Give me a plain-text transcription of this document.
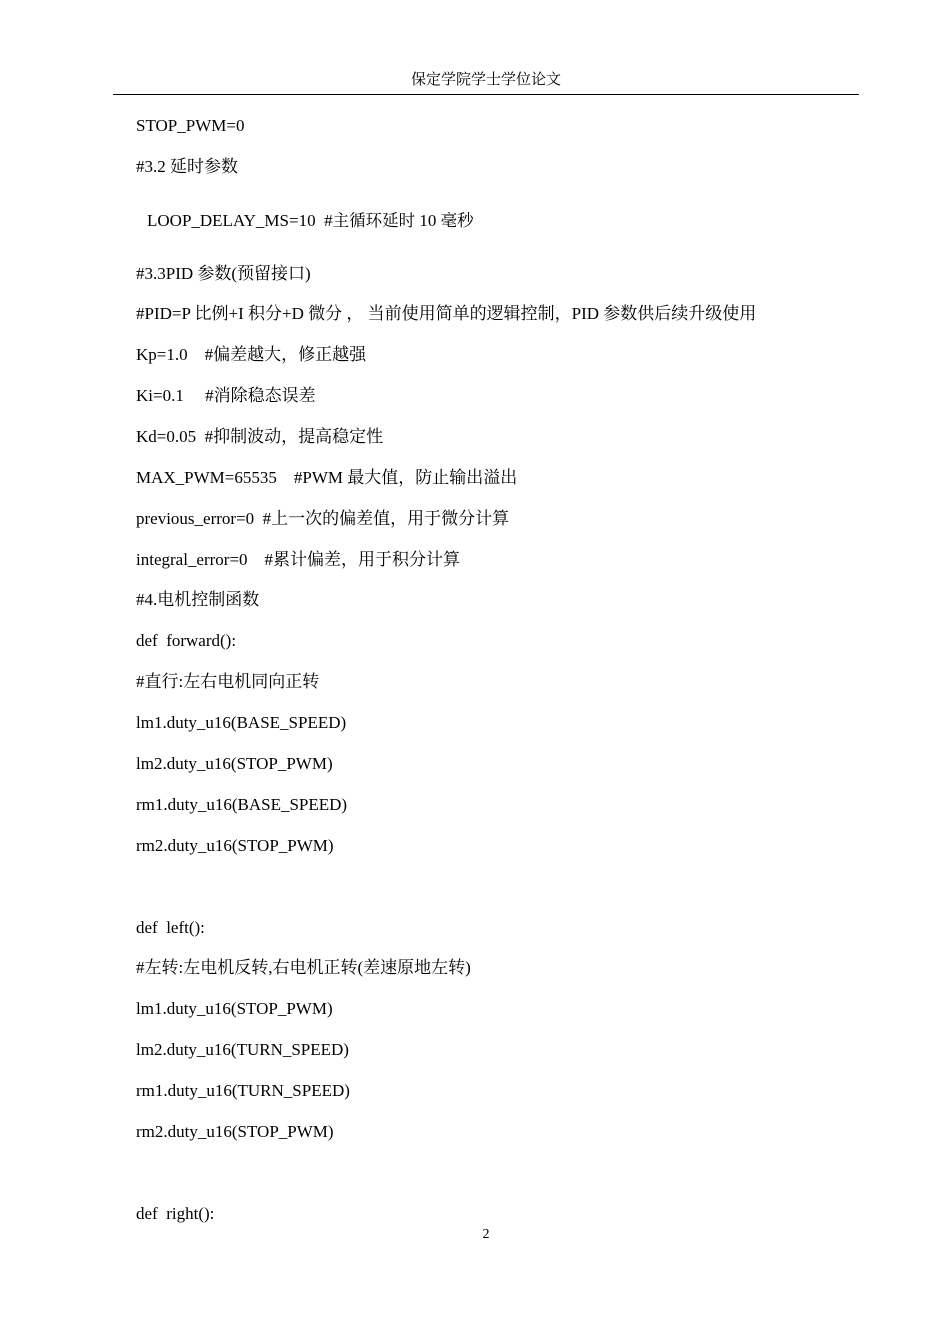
保定学院学士学位论文
STOP_PWM=0
#3.2 延时参数
LOOP_DELAY_MS=10  #主循环延时 10 毫秒
#3.3PID 参数(预留接口)
#PID=P 比例+I 积分+D 微分 ， 当前使用简单的逻辑控制，PID 参数供后续升级使用
Kp=1.0    #偏差越大，修正越强
Ki=0.1     #消除稳态误差
Kd=0.05  #抑制波动，提高稳定性
MAX_PWM=65535    #PWM 最大值，防止输出溢出
previous_error=0  #上一次的偏差值，用于微分计算
integral_error=0    #累计偏差，用于积分计算
#4.电机控制函数
def  forward():
#直行:左右电机同向正转
lm1.duty_u16(BASE_SPEED)
lm2.duty_u16(STOP_PWM)
rm1.duty_u16(BASE_SPEED)
rm2.duty_u16(STOP_PWM)
def  left():
#左转:左电机反转,右电机正转(差速原地左转)
lm1.duty_u16(STOP_PWM)
lm2.duty_u16(TURN_SPEED)
rm1.duty_u16(TURN_SPEED)
rm2.duty_u16(STOP_PWM)
def  right():
2
